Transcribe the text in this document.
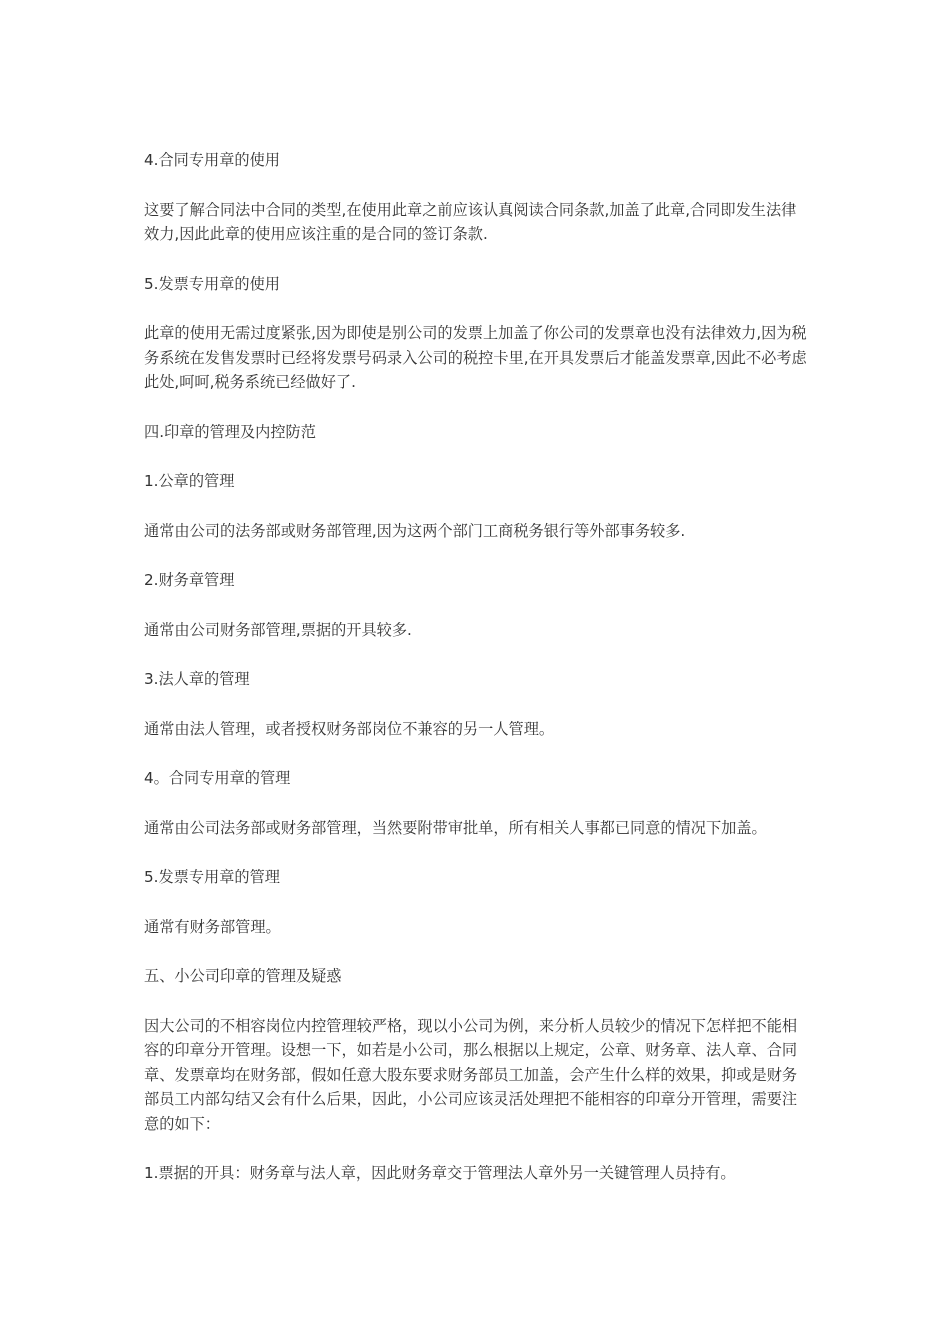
4.合同专用章的使用

这要了解合同法中合同的类型,在使用此章之前应该认真阅读合同条款,加盖了此章,合同即发生法律效力,因此此章的使用应该注重的是合同的签订条款.

5.发票专用章的使用

此章的使用无需过度紧张,因为即使是别公司的发票上加盖了你公司的发票章也没有法律效力,因为税务系统在发售发票时已经将发票号码录入公司的税控卡里,在开具发票后才能盖发票章,因此不必考虑此处,呵呵,税务系统已经做好了.

四.印章的管理及内控防范

1.公章的管理

通常由公司的法务部或财务部管理,因为这两个部门工商税务银行等外部事务较多.

2.财务章管理

通常由公司财务部管理,票据的开具较多.

3.法人章的管理

通常由法人管理，或者授权财务部岗位不兼容的另一人管理。

4。合同专用章的管理

通常由公司法务部或财务部管理，当然要附带审批单，所有相关人事都已同意的情况下加盖。

5.发票专用章的管理

通常有财务部管理。

五、小公司印章的管理及疑惑

因大公司的不相容岗位内控管理较严格，现以小公司为例，来分析人员较少的情况下怎样把不能相容的印章分开管理。设想一下，如若是小公司，那么根据以上规定，公章、财务章、法人章、合同章、发票章均在财务部，假如任意大股东要求财务部员工加盖，会产生什么样的效果，抑或是财务部员工内部勾结又会有什么后果，因此，小公司应该灵活处理把不能相容的印章分开管理，需要注意的如下：

1.票据的开具：财务章与法人章，因此财务章交于管理法人章外另一关键管理人员持有。
